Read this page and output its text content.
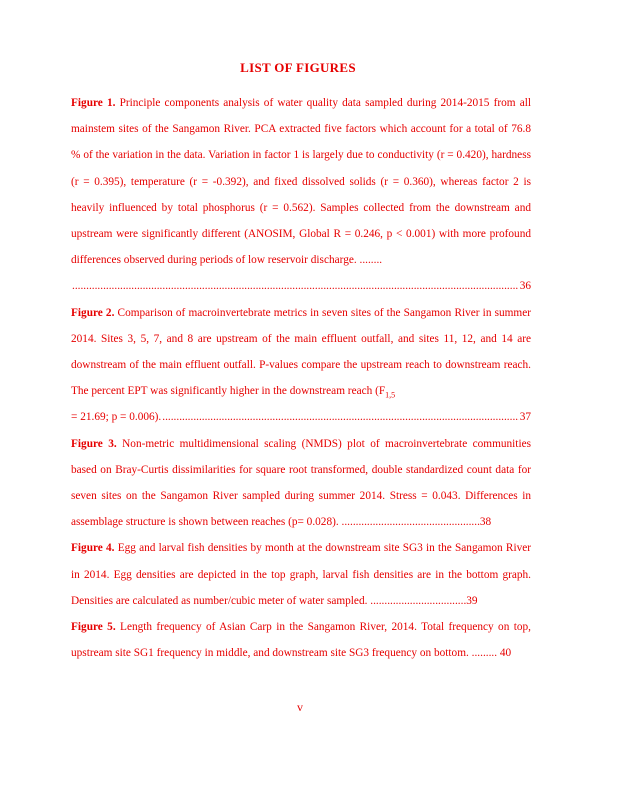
LIST OF FIGURES

Figure 1. Principle components analysis of water quality data sampled during 2014-2015 from all mainstem sites of the Sangamon River. PCA extracted five factors which account for a total of 76.8 % of the variation in the data. Variation in factor 1 is largely due to conductivity (r = 0.420), hardness (r = 0.395), temperature (r = -0.392), and fixed dissolved solids (r = 0.360), whereas factor 2 is heavily influenced by total phosphorus (r = 0.562). Samples collected from the downstream and upstream were significantly different (ANOSIM, Global R = 0.246, p < 0.001) with more profound differences observed during periods of low reservoir discharge. ........

.....
36

Figure 2. Comparison of macroinvertebrate metrics in seven sites of the Sangamon River in summer 2014. Sites 3, 5, 7, and 8 are upstream of the main effluent outfall, and sites 11, 12, and 14 are downstream of the main effluent outfall. P-values compare the upstream reach to downstream reach. The percent EPT was significantly higher in the downstream reach ($F_{1,5}$

= 21.69; p = 0.006). .....	37

Figure 3. Non-metric multidimensional scaling (NMDS) plot of macroinvertebrate communities based on Bray-Curtis dissimilarities for square root transformed, double standardized count data for seven sites on the Sangamon River sampled during summer 2014. Stress = 0.043. Differences in assemblage structure is shown between reaches (p= 0.028). .................................................38

Figure 4. Egg and larval fish densities by month at the downstream site SG3 in the Sangamon River in 2014. Egg densities are depicted in the top graph, larval fish densities are in the bottom graph. Densities are calculated as number/cubic meter of water sampled. ..................................39

Figure 5. Length frequency of Asian Carp in the Sangamon River, 2014. Total frequency on top, upstream site SG1 frequency in middle, and downstream site SG3 frequency on bottom. ......... 40

v
